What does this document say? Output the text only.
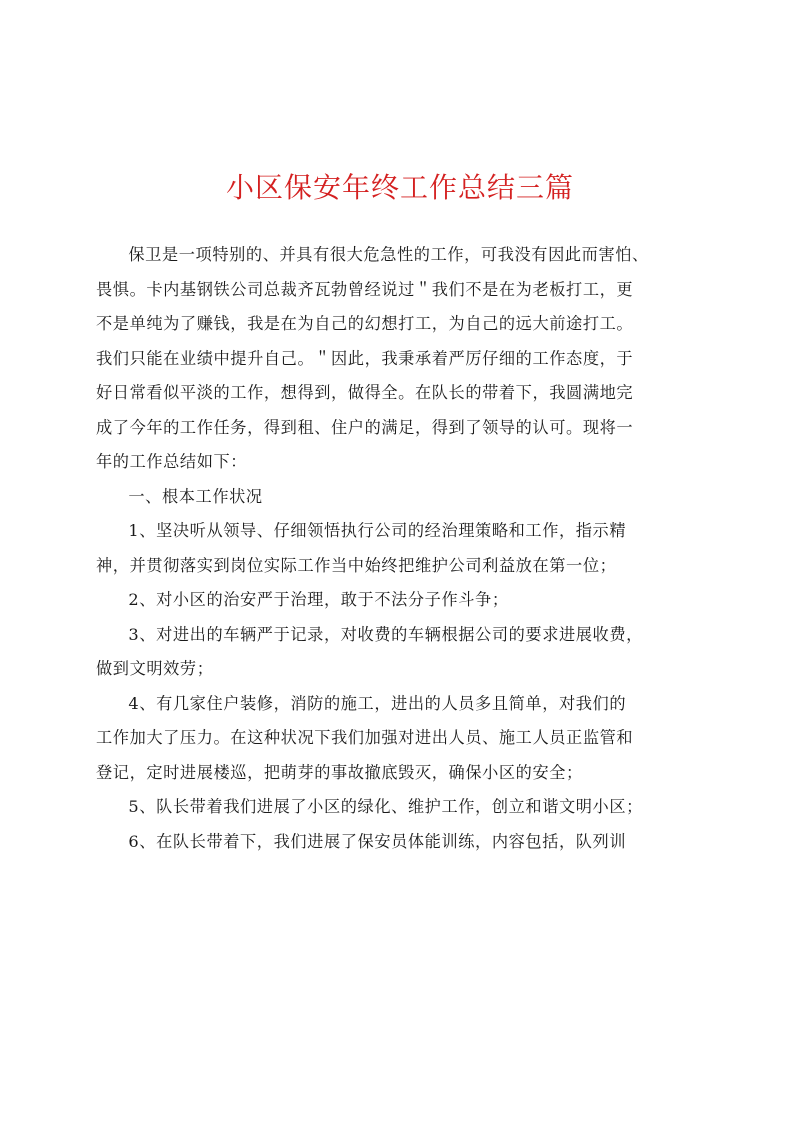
小区保安年终工作总结三篇

保卫是一项特别的、并具有很大危急性的工作，可我没有因此而害怕、
畏惧。卡内基钢铁公司总裁齐瓦勃曾经说过＂我们不是在为老板打工，更
不是单纯为了赚钱，我是在为自己的幻想打工，为自己的远大前途打工。
我们只能在业绩中提升自己。＂因此，我秉承着严厉仔细的工作态度，于
好日常看似平淡的工作，想得到，做得全。在队长的带着下，我圆满地完
成了今年的工作任务，得到租、住户的满足，得到了领导的认可。现将一
年的工作总结如下：

一、根本工作状况

1、坚决听从领导、仔细领悟执行公司的经治理策略和工作，指示精
神，并贯彻落实到岗位实际工作当中始终把维护公司利益放在第一位；

2、对小区的治安严于治理，敢于不法分子作斗争；

3、对进出的车辆严于记录，对收费的车辆根据公司的要求进展收费，
做到文明效劳；

4、有几家住户装修，消防的施工，进出的人员多且简单，对我们的
工作加大了压力。在这种状况下我们加强对进出人员、施工人员正监管和
登记，定时进展楼巡，把萌芽的事故撤底毁灭，确保小区的安全；

5、队长带着我们进展了小区的绿化、维护工作，创立和谐文明小区；

6、在队长带着下，我们进展了保安员体能训练，内容包括，队列训
